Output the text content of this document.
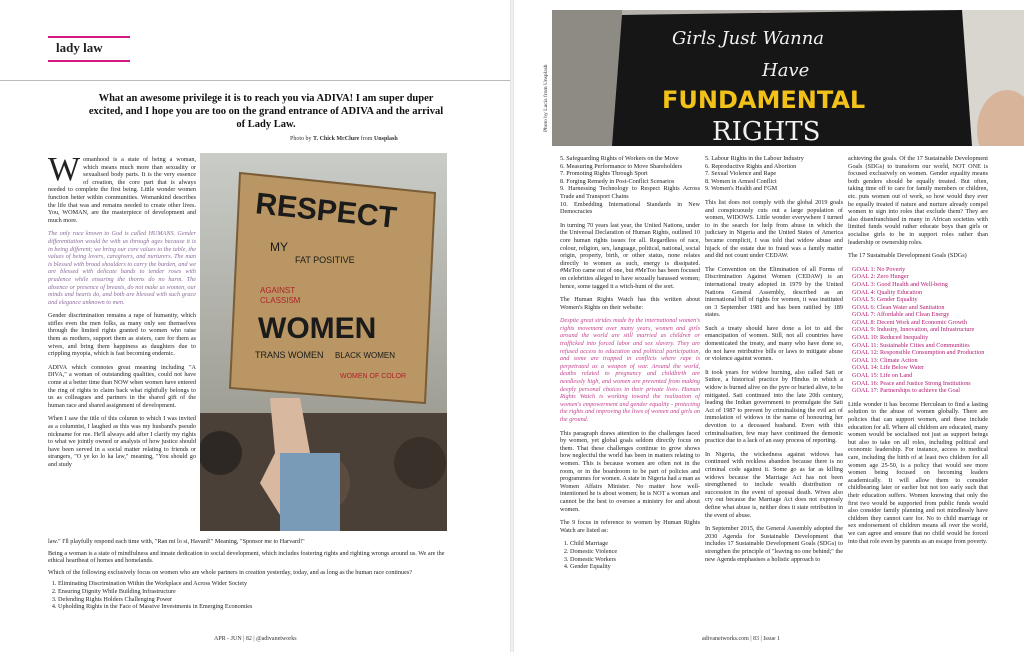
lady law
What an awesome privilege it is to reach you via ADIVA! I am super duper excited, and I hope you are too on the grand entrance of ADIVA and the arrival of Lady Law.
Photo by T. Chick McClure from Unsplash

Womanhood is a state of being a woman, which means much more than sexuality or sexualised body parts. It is the very essence of creation, the core part that is always needed to complete the first being. Little wonder women function better within communities. Womankind describes the life that was and remains needed to create other lives. You, WOMAN, are the masterpiece of development and much more.

The only race known to God is called HUMANS. Gender differentiation would be with us through ages because it is in being different; we bring our core values to the table, the values of being lovers, caregivers, and nurturers. The man is blessed with broad shoulders to carry the burden, and we are blessed with delicate hands to tender roses with prudence while ensuring the thorns do no harm. The absence or presence of breasts, do not make us women, our minds and hearts do, and both are blessed with such grace and elegance unknown to men.

Gender discrimination remains a rape of humanity, which stifles even the men folks, as many only see themselves through the limited rights granted to women who raise them as mothers, support them as sisters, care for them as wives, and bring them happiness as daughters due to crippling myopia, which is fast becoming endemic.

ADIVA which connotes great meaning including "A DIVA," a woman of outstanding qualities, could not have come at a better time than NOW when women have entered the ring of rights to claim back what rightfully belongs to us as colleagues and partners in the shared gift of the human race and shared assignment of development.

When I saw the title of this column to which I was invited as a columnist, I laughed as this was my husband's pseudo nickname for me. He'll always add after I clarify my rights to what we jointly owned or analysis of how justice should have been served in a social matter relating to friends or strangers, "O ye ko lo ka law," meaning, "You should go and study

RESPECT
MY
FAT POSITIVE
AGAINST
CLASSISM
WOMEN
TRANS WOMEN BLACK WOMEN
WOMEN OF COLOR

law." I'll playfully respond each time with, "Ran mi lo si, Havard!" Meaning, "Sponsor me to Harvard!"

Being a woman is a state of mindfulness and innate dedication to social development, which includes fostering rights and righting wrongs around us. We are the ethical heartbeat of homes and homelands.

Which of the following exclusively focus on women who are whole partners in creation yesterday, today, and as long as the human race continues?

1. Eliminating Discrimination Within the Workplace and Across Wider Society
2. Ensuring Dignity While Building Infrastructure
3. Defending Rights Holders Challenging Power
4. Upholding Rights in the Face of Massive Investments in Emerging Economies
APR - JUN | 82 | @adivanetworks
Girls Just Wanna
Have
FUNDAMENTAL
RIGHTS
Photo by Lucia from Unsplash
5. Safeguarding Rights of Workers on the Move
6. Measuring Performance to Move Shareholders
7. Promoting Rights Through Sport
8. Forging Remedy in Post-Conflict Scenarios
9. Harnessing Technology to Respect Rights Across Trade and Transport Chains
10. Embedding International Standards in New Democracies

In turning 70 years last year, the United Nations, under the Universal Declaration of Human Rights, outlined 10 core human rights issues for all. Regardless of race, colour, religion, sex, language, political, national, social origin, property, birth, or other status, none relates directly to women as such, energy is dissipated. #MeToo came out of one, but #MeToo has been focused on celebrities alleged to have sexually harassed women; hence, some tagged it a witch-hunt of the sort.

The Human Rights Watch has this written about Women's Rights on their website:

Despite great strides made by the international women's rights movement over many years, women and girls around the world are still married as children or trafficked into forced labor and sex slavery. They are refused access to education and political participation, and some are trapped in conflicts where rape is perpetrated as a weapon of war. Around the world, deaths related to pregnancy and childbirth are needlessly high, and women are prevented from making deeply personal choices in their private lives. Human Rights Watch is working toward the realization of women's empowerment and gender equality - protecting the rights and improving the lives of women and girls on the ground.

This paragraph draws attention to the challenges faced by women, yet global goals seldom directly focus on them. That these challenges continue to grow shows how neglectful the world has been in matters relating to women. This is because women are often not in the room, or in the boardroom to be part of policies and programmes for women. A state in Nigeria had a man as Women Affairs Minister. No matter how well-intentioned he is about women; he is NOT a woman and cannot be the best to oversee a ministry for and about women.

The 9 focus in reference to women by Human Rights Watch are listed as:

1. Child Marriage
2. Domestic Violence
3. Domestic Workers
4. Gender Equality
5. Labour Rights in the Labour Industry
6. Reproductive Rights and Abortion
7. Sexual Violence and Rape
8. Women in Armed Conflict
9. Women's Health and FGM

This list does not comply with the global 2019 goals and conspicuously cuts out a large population of women, WIDOWS. Little wonder everywhere I turned to in the search for help from abuse in which the judiciary in Nigeria and the United States of America became complicit, I was told that widow abuse and hijack of the estate due to fraud was a family matter and did not count under CEDAW.

The Convention on the Elimination of all Forms of Discrimination Against Women (CEDAW) is an international treaty adopted in 1979 by the United Nations General Assembly, described as an international bill of rights for women, it was instituted on 3 September 1981 and has been ratified by 189 states.

Such a treaty should have done a lot to aid the emancipation of women. Still, not all countries have domesticated the treaty, and many who have done so, do not have retributive bills or laws to mitigate abuse or violence against women.

It took years for widow burning, also called Sati or Suttee, a historical practice by Hindus in which a widow is burned alive on the pyre or buried alive, to be mitigated. Sati continued into the late 20th century, leading the Indian government to promulgate the Sati Act of 1987 to prevent by criminalising the evil act of immolation of widows in the name of honouring her devotion to a deceased husband. Even with this criminalisation, few may have continued the demonic practice due to a lack of an easy process of reporting.

In Nigeria, the wickedness against widows has continued with reckless abandon because there is no criminal code against it. Some go as far as killing widows because the Marriage Act has not been strengthened to include wealth distribution or succession in the event of spousal death. Wives also cry out because the Marriage Act does not expressly define what abuse is, neither does it state retribution in the event of abuse.

In September 2015, the General Assembly adopted the 2030 Agenda for Sustainable Development that includes 17 Sustainable Development Goals (SDGs) to strengthen the principle of "leaving no one behind;" the new Agenda emphasises a holistic approach to

achieving the goals. Of the 17 Sustainable Development Goals (SDGs) to transform our world, NOT ONE is focused exclusively on women. Gender equality means both genders should be equally treated. But often, taking time off to care for family members or children, etc. puts women out of work, so how would they ever be equally treated if nature and nurture already compel women to sign into roles that exclude them? They are also disenfranchised in many in African societies with limited funds would rather educate boys than girls or socialise girls to be in support roles rather than leadership or ownership roles.

The 17 Sustainable Development Goals (SDGs)

GOAL 1: No Poverty
GOAL 2: Zero Hunger
GOAL 3: Good Health and Well-being
GOAL 4: Quality Education
GOAL 5: Gender Equality
GOAL 6: Clean Water and Sanitation
GOAL 7: Affordable and Clean Energy
GOAL 8: Decent Work and Economic Growth
GOAL 9: Industry, Innovation, and Infrastructure
GOAL 10: Reduced Inequality
GOAL 11: Sustainable Cities and Communities
GOAL 12: Responsible Consumption and Production
GOAL 13: Climate Action
GOAL 14: Life Below Water
GOAL 15: Life on Land
GOAL 16: Peace and Justice Strong Institutions
GOAL 17: Partnerships to achieve the Goal

Little wonder it has become Herculean to find a lasting solution to the abuse of women globally. There are policies that can support women, and these include education for all. Where all children are educated, many women would be socialised not just as support beings but also to take on all roles, including political and economic leadership. For instance, access to medical care, including the birth of at least two children for all women age 25-50, is a policy that would see more women being focused on becoming leaders academically. It will allow them to consider childbearing later or earlier but not too early such that their education suffers. Women knowing that only the first two would be supported from public funds would also consider family planning and not mindlessly have children they cannot care for. No to child marriage or sex endorsement of children means all over the world, we can agree and ensure that no child would be forced into that role even by parents as an escape from poverty.

adivanetworks.com | 83 | Issue 1
